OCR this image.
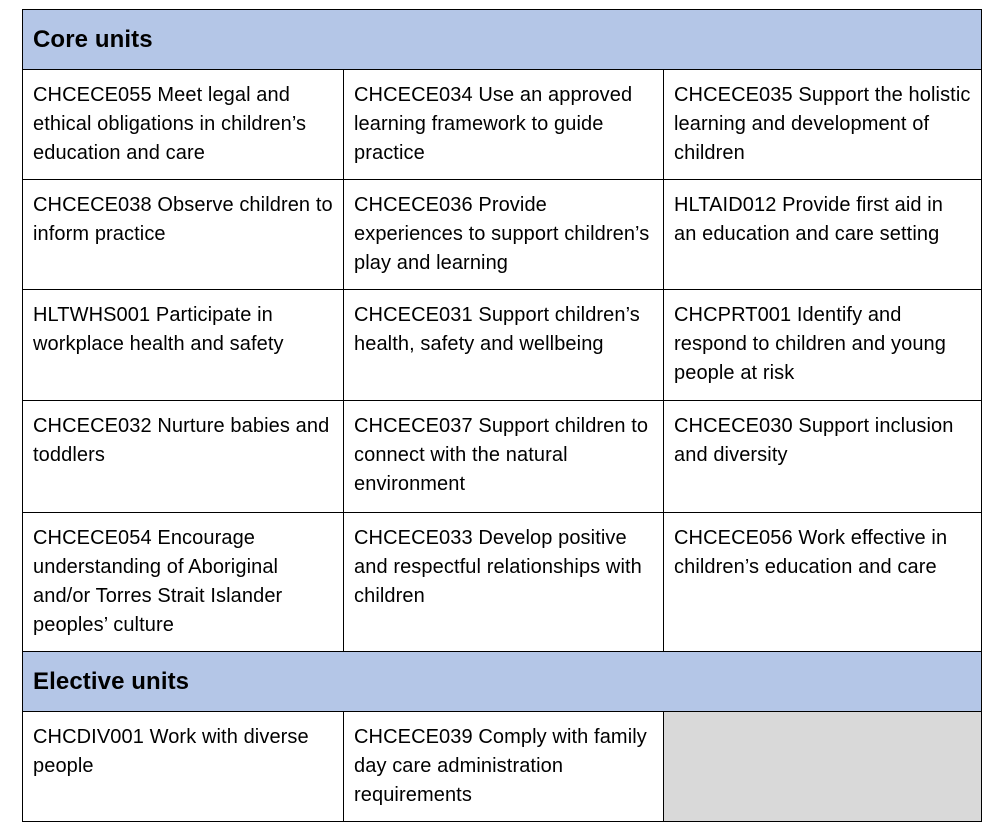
Core units		
CHCECE055 Meet legal and ethical obligations in children’s education and care	CHCECE034 Use an approved learning framework to guide practice	CHCECE035 Support the holistic learning and development of children
CHCECE038 Observe children to inform practice	CHCECE036 Provide experiences to support children’s play and learning	HLTAID012 Provide first aid in an education and care setting
HLTWHS001 Participate in workplace health and safety	CHCECE031 Support children’s health, safety and wellbeing	CHCPRT001 Identify and respond to children and young people at risk
CHCECE032 Nurture babies and toddlers	CHCECE037 Support children to connect with the natural environment	CHCECE030 Support inclusion and diversity
CHCECE054 Encourage understanding of Aboriginal and/or Torres Strait Islander peoples’ culture	CHCECE033 Develop positive and respectful relationships with children	CHCECE056 Work effective in children’s education and care
Elective units		
CHCDIV001 Work with diverse people	CHCECE039 Comply with family day care administration requirements	
